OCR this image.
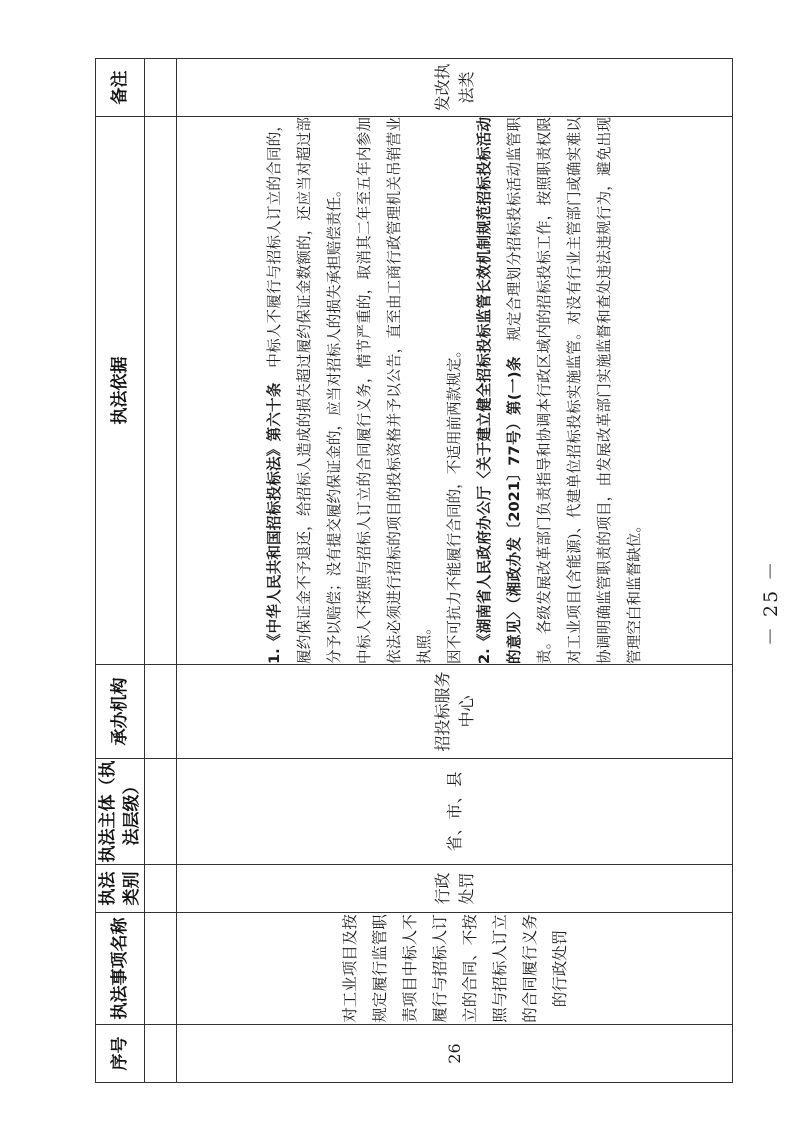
序号	执法事项名称	执法类别	执法主体（执法层级）	承办机构	执法依据	备注

26	对工业项目及按规定履行监管职责项目中标人不履行与招标人订立的合同、不按照与招标人订立的合同履行义务的行政处罚	行政处罚	省、市、县	招投标服务中心	1.《中华人民共和国招标投标法》第六十条　中标人不履行与招标人订立的合同的，履约保证金不予退还，给招标人造成的损失超过履约保证金数额的，还应当对超过部分予以赔偿；没有提交履约保证金的，应当对招标人的损失承担赔偿责任。 中标人不按照与招标人订立的合同履行义务，情节严重的，取消其二年至五年内参加依法必须进行招标的项目的投标资格并予以公告，直至由工商行政管理机关吊销营业执照。 因不可抗力不能履行合同的，不适用前两款规定。 2.《湖南省人民政府办公厅〈关于建立健全招标投标监管长效机制规范招标投标活动的意见〉（湘政办发〔2021〕77号）第(一)条　规定合理划分招标投标活动监管职责。各级发展改革部门负责指导和协调本行政区域内的招标投标工作，按照职责权限对工业项目(含能源)、代建单位招标投标实施监管。对没有行业主管部门或确实难以协调明确监管职责的项目，由发展改革部门实施监督和查处违法违规行为，避免出现管理空白和监督缺位。	发改执法类
－ 25 －
